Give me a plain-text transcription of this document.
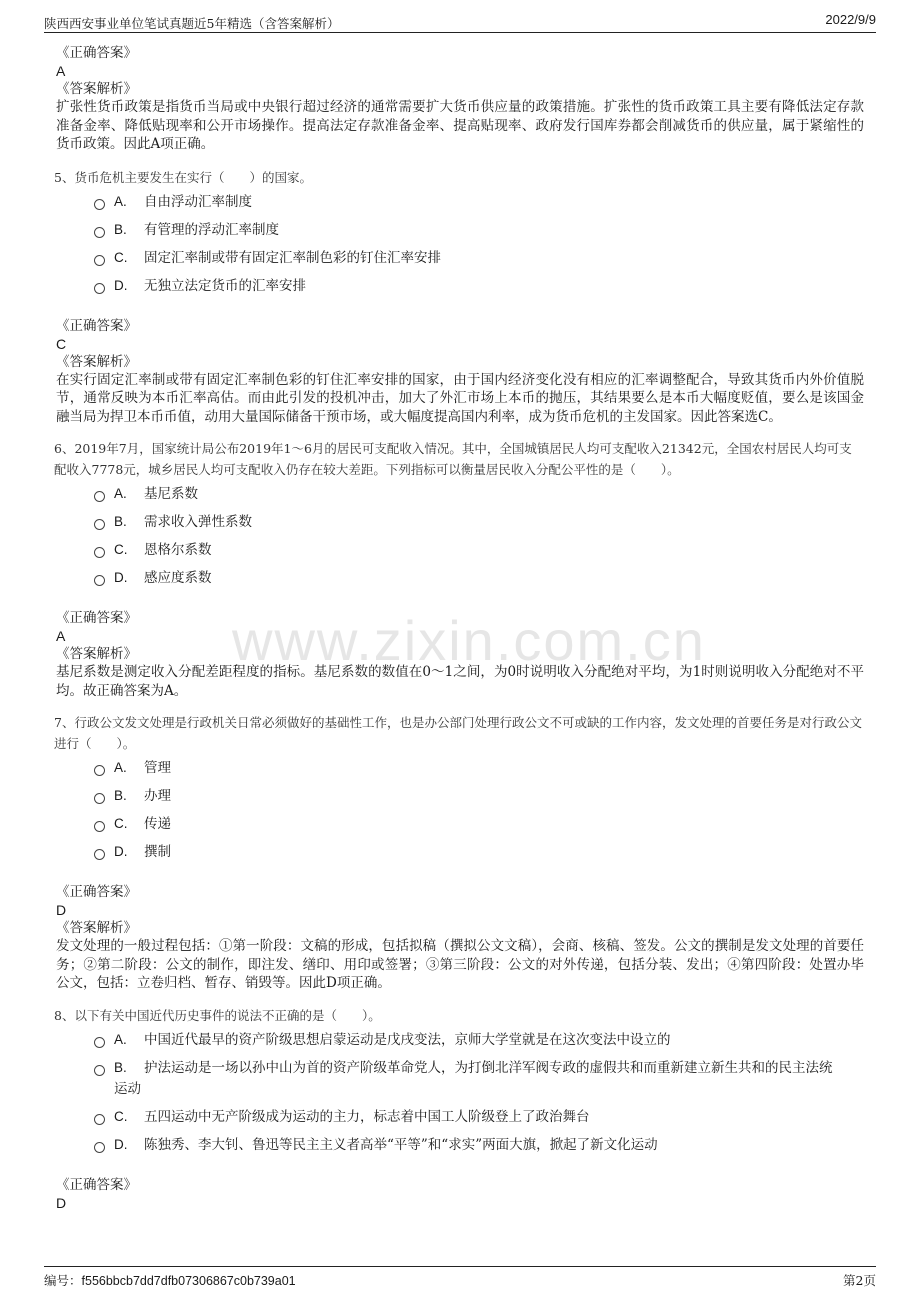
陕西西安事业单位笔试真题近5年精选（含答案解析）	2022/9/9
www.zixin.com.cn
《正确答案》
A
《答案解析》
扩张性货币政策是指货币当局或中央银行超过经济的通常需要扩大货币供应量的政策措施。扩张性的货币政策工具主要有降低法定存款准备金率、降低贴现率和公开市场操作。提高法定存款准备金率、提高贴现率、政府发行国库券都会削减货币的供应量，属于紧缩性的货币政策。因此A项正确。
5、货币危机主要发生在实行（　　）的国家。
A. 自由浮动汇率制度
B. 有管理的浮动汇率制度
C. 固定汇率制或带有固定汇率制色彩的钉住汇率安排
D. 无独立法定货币的汇率安排
《正确答案》
C
《答案解析》
在实行固定汇率制或带有固定汇率制色彩的钉住汇率安排的国家，由于国内经济变化没有相应的汇率调整配合，导致其货币内外价值脱节，通常反映为本币汇率高估。而由此引发的投机冲击，加大了外汇市场上本币的抛压，其结果要么是本币大幅度贬值，要么是该国金融当局为捍卫本币币值，动用大量国际储备干预市场，或大幅度提高国内利率，成为货币危机的主发国家。因此答案选C。
6、2019年7月，国家统计局公布2019年1～6月的居民可支配收入情况。其中，全国城镇居民人均可支配收入21342元，全国农村居民人均可支配收入7778元，城乡居民人均可支配收入仍存在较大差距。下列指标可以衡量居民收入分配公平性的是（　　）。
A. 基尼系数
B. 需求收入弹性系数
C. 恩格尔系数
D. 感应度系数
《正确答案》
A
《答案解析》
基尼系数是测定收入分配差距程度的指标。基尼系数的数值在0～1之间，为0时说明收入分配绝对平均，为1时则说明收入分配绝对不平均。故正确答案为A。
7、行政公文发文处理是行政机关日常必须做好的基础性工作，也是办公部门处理行政公文不可或缺的工作内容，发文处理的首要任务是对行政公文进行（　　）。
A. 管理
B. 办理
C. 传递
D. 撰制
《正确答案》
D
《答案解析》
发文处理的一般过程包括：①第一阶段：文稿的形成，包括拟稿（撰拟公文文稿），会商、核稿、签发。公文的撰制是发文处理的首要任务；②第二阶段：公文的制作，即注发、缮印、用印或签署；③第三阶段：公文的对外传递，包括分装、发出；④第四阶段：处置办毕公文，包括：立卷归档、暂存、销毁等。因此D项正确。
8、以下有关中国近代历史事件的说法不正确的是（　　）。
A. 中国近代最早的资产阶级思想启蒙运动是戊戌变法，京师大学堂就是在这次变法中设立的
B. 护法运动是一场以孙中山为首的资产阶级革命党人，为打倒北洋军阀专政的虚假共和而重新建立新生共和的民主法统运动
C. 五四运动中无产阶级成为运动的主力，标志着中国工人阶级登上了政治舞台
D. 陈独秀、李大钊、鲁迅等民主主义者高举“平等”和“求实”两面大旗，掀起了新文化运动
《正确答案》
D
编号：f556bbcb7dd7dfb07306867c0b739a01	第2页
